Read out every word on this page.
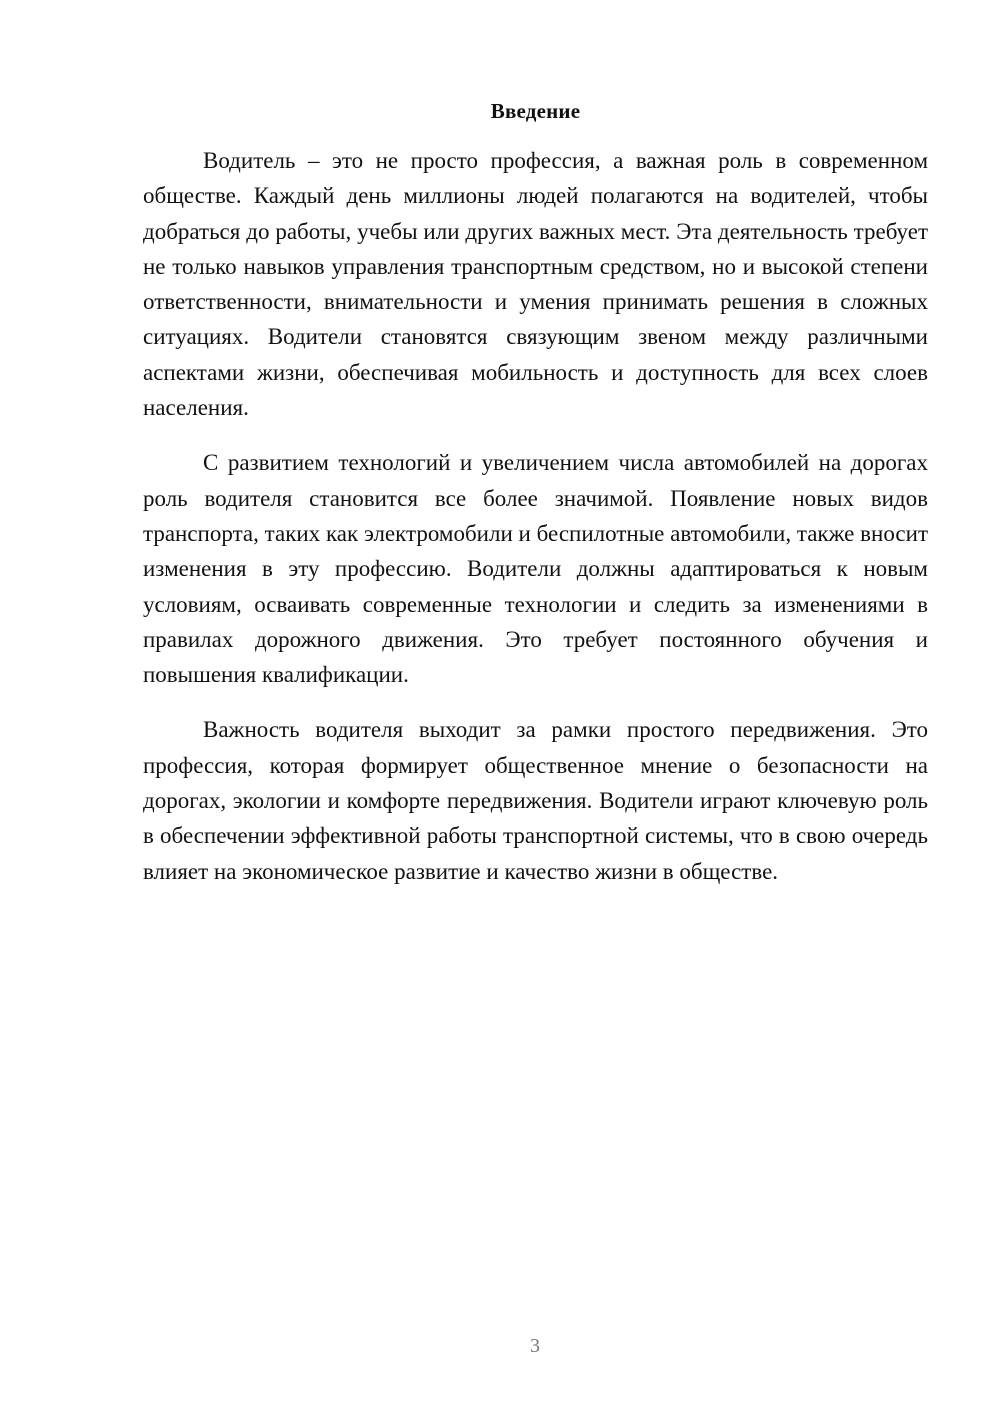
Введение

Водитель – это не просто профессия, а важная роль в современном обществе. Каждый день миллионы людей полагаются на водителей, чтобы добраться до работы, учебы или других важных мест. Эта деятельность требует не только навыков управления транспортным средством, но и высокой степени ответственности, внимательности и умения принимать решения в сложных ситуациях. Водители становятся связующим звеном между различными аспектами жизни, обеспечивая мобильность и доступность для всех слоев населения.

С развитием технологий и увеличением числа автомобилей на дорогах роль водителя становится все более значимой. Появление новых видов транспорта, таких как электромобили и беспилотные автомобили, также вносит изменения в эту профессию. Водители должны адаптироваться к новым условиям, осваивать современные технологии и следить за изменениями в правилах дорожного движения. Это требует постоянного обучения и повышения квалификации.

Важность водителя выходит за рамки простого передвижения. Это профессия, которая формирует общественное мнение о безопасности на дорогах, экологии и комфорте передвижения. Водители играют ключевую роль в обеспечении эффективной работы транспортной системы, что в свою очередь влияет на экономическое развитие и качество жизни в обществе.

3
